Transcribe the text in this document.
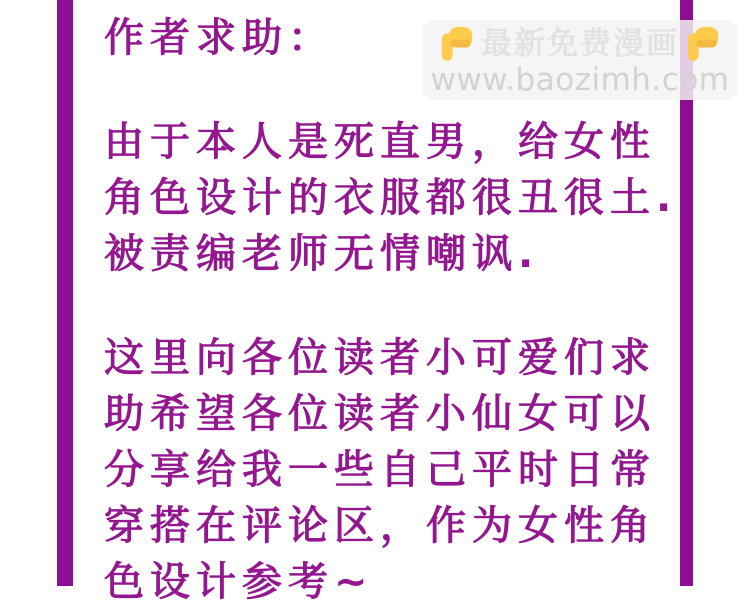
作者求助：
由于本人是死直男，给女性
角色设计的衣服都很丑很土.
被责编老师无情嘲讽.
这里向各位读者小可爱们求
助希望各位读者小仙女可以
分享给我一些自己平时日常
穿搭在评论区，作为女性角
色设计参考~
最新免费漫画
www.baozimh.com
